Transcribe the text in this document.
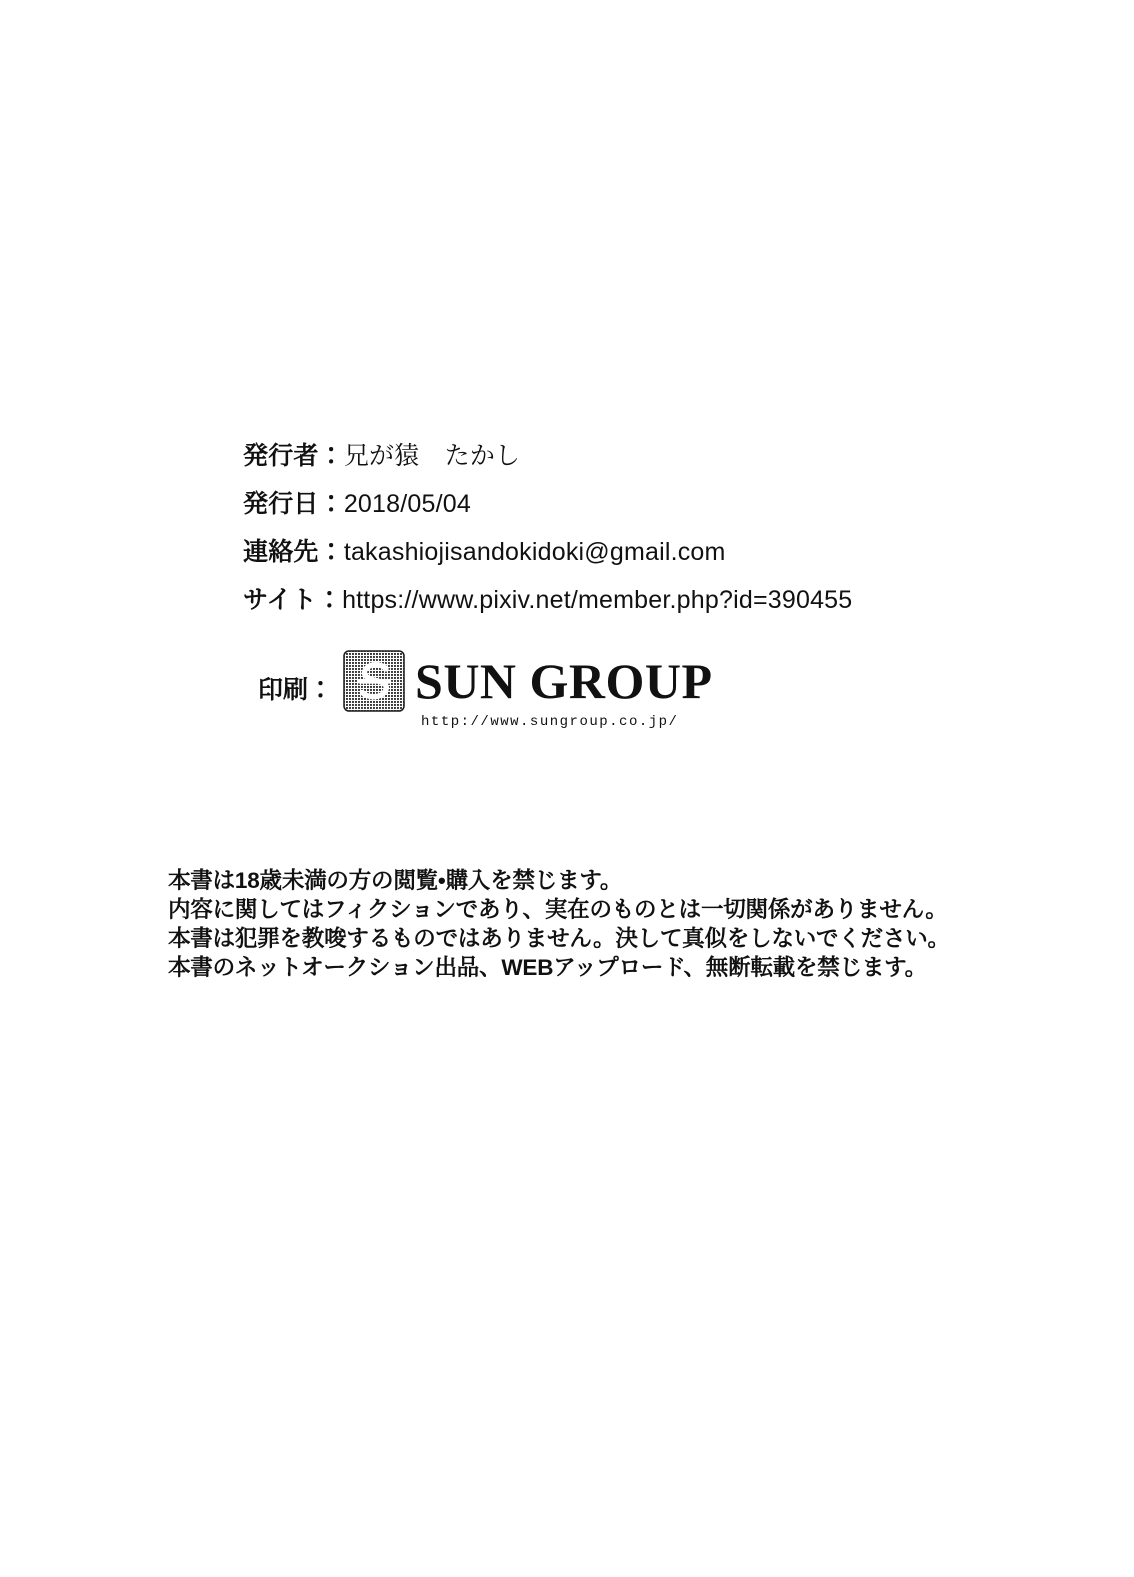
発行者：兄が猿　たかし
発行日：2018/05/04
連絡先：takashiojisandokidoki@gmail.com
サイト：https://www.pixiv.net/member.php?id=390455
印刷： SUN GROUP
http://www.sungroup.co.jp/
本書は18歳未満の方の閲覧•購入を禁じます。
内容に関してはフィクションであり、実在のものとは一切関係がありません。
本書は犯罪を教唆するものではありません。決して真似をしないでください。
本書のネットオークション出品、WEBアップロード、無断転載を禁じます。
